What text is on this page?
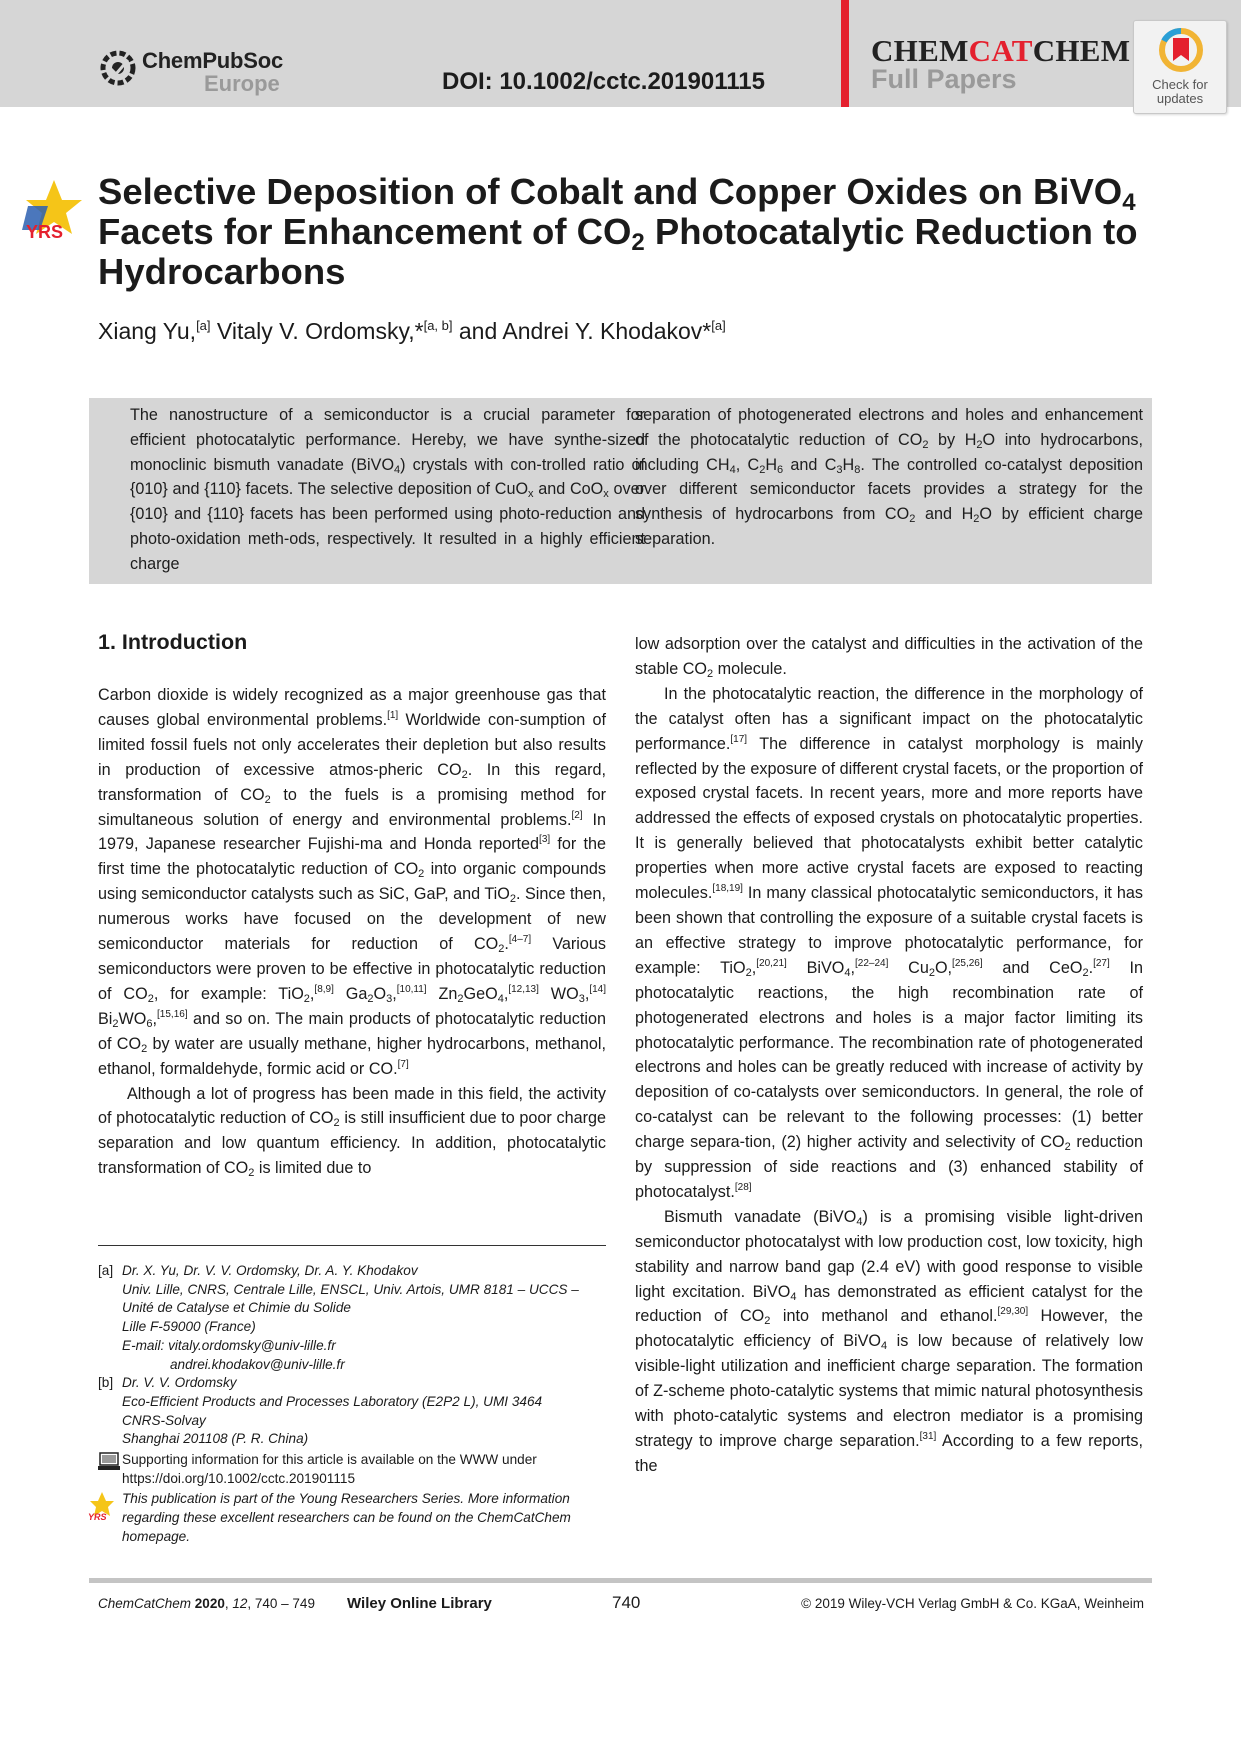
ChemPubSoc
Europe	DOI: 10.1002/cctc.201901115
CHEMCATCHEM
Full Papers	Check for
updates
YRS
Selective Deposition of Cobalt and Copper Oxides on BiVO$_4$
Facets for Enhancement of $CO_2$ Photocatalytic Reduction to
Hydrocarbons
Xiang Yu,[a] Vitaly V. Ordomsky,*[a, b] and Andrei Y. Khodakov*[a]
The nanostructure of a semiconductor is a crucial parameter for efficient photocatalytic performance. Hereby, we have synthe-sized monoclinic bismuth vanadate (BiVO$_4$) crystals with con-trolled ratio of {010} and {110} facets. The selective deposition of CuO$_x$ and CoO$_x$ over {010} and {110} facets has been performed using photo-reduction and photo-oxidation meth-ods, respectively. It resulted in a highly efficient charge
separation of photogenerated electrons and holes and enhancement of the photocatalytic reduction of $CO_2$ by $H_2O$ into hydrocarbons, including $CH_4$, $C_2H_6$ and $C_3H_8$. The controlled co-catalyst deposition over different semiconductor facets provides a strategy for the synthesis of hydrocarbons from $CO_2$ and $H_2O$ by efficient charge separation.
1. Introduction

Carbon dioxide is widely recognized as a major greenhouse gas that causes global environmental problems.[1] Worldwide con-sumption of limited fossil fuels not only accelerates their depletion but also results in production of excessive atmos-pheric $CO_2$. In this regard, transformation of $CO_2$ to the fuels is a promising method for simultaneous solution of energy and environmental problems.[2] In 1979, Japanese researcher Fujishi-ma and Honda reported[3] for the first time the photocatalytic reduction of $CO_2$ into organic compounds using semiconductor catalysts such as SiC, GaP, and TiO$_2$. Since then, numerous works have focused on the development of new semiconductor materials for reduction of $CO_2.[4-7]$ Various semiconductors were proven to be effective in photocatalytic reduction of $CO_2$, for example: TiO$_2$,[8,9] $Ga_2O_3,[10,11]$ $Zn_2GeO_4,[12,13]$ $WO_3,[14]$ $Bi_2WO_6,[15,16]$ and so on. The main products of photocatalytic reduction of $CO_2$ by water are usually methane, higher hydrocarbons, methanol, ethanol, formaldehyde, formic acid or CO.[7]

Although a lot of progress has been made in this field, the activity of photocatalytic reduction of $CO_2$ is still insufficient due to poor charge separation and low quantum efficiency. In addition, photocatalytic transformation of $CO_2$ is limited due to

[a] Dr. X. Yu, Dr. V. V. Ordomsky, Dr. A. Y. Khodakov
Univ. Lille, CNRS, Centrale Lille, ENSCL, Univ. Artois, UMR 8181 – UCCS – Unité de Catalyse et Chimie du Solide
Lille F-59000 (France)
E-mail: vitaly.ordomsky@univ-lille.fr
andrei.khodakov@univ-lille.fr
[b] Dr. V. V. Ordomsky
Eco-Efficient Products and Processes Laboratory (E2P2 L), UMI 3464
CNRS-Solvay
Shanghai 201108 (P. R. China)
Supporting information for this article is available on the WWW under https://doi.org/10.1002/cctc.201901115
YRS
This publication is part of the Young Researchers Series. More information regarding these excellent researchers can be found on the ChemCatChem homepage.

low adsorption over the catalyst and difficulties in the activation of the stable $CO_2$ molecule.

In the photocatalytic reaction, the difference in the morphology of the catalyst often has a significant impact on the photocatalytic performance.[17] The difference in catalyst morphology is mainly reflected by the exposure of different crystal facets, or the proportion of exposed crystal facets. In recent years, more and more reports have addressed the effects of exposed crystals on photocatalytic properties. It is generally believed that photocatalysts exhibit better catalytic properties when more active crystal facets are exposed to reacting molecules.[18,19] In many classical photocatalytic semiconductors, it has been shown that controlling the exposure of a suitable crystal facets is an effective strategy to improve photocatalytic performance, for example: TiO$_2$,[20,21] BiVO$_4$,[22–24] $Cu_2O,[25,26]$ and CeO$_2$.[27] In photocatalytic reactions, the high recombination rate of photogenerated electrons and holes is a major factor limiting its photocatalytic performance. The recombination rate of photogenerated electrons and holes can be greatly reduced with increase of activity by deposition of co-catalysts over semiconductors. In general, the role of co-catalyst can be relevant to the following processes: (1) better charge separa-tion, (2) higher activity and selectivity of $CO_2$ reduction by suppression of side reactions and (3) enhanced stability of photocatalyst.[28]

Bismuth vanadate (BiVO$_4$) is a promising visible light-driven semiconductor photocatalyst with low production cost, low toxicity, high stability and narrow band gap (2.4 eV) with good response to visible light excitation. BiVO$_4$ has demonstrated as efficient catalyst for the reduction of $CO_2$ into methanol and ethanol.[29,30] However, the photocatalytic efficiency of BiVO$_4$ is low because of relatively low visible-light utilization and inefficient charge separation. The formation of Z-scheme photo-catalytic systems that mimic natural photosynthesis with photo-catalytic systems and electron mediator is a promising strategy to improve charge separation.[31] According to a few reports, the

ChemCatChem 2020, 12, 740 – 749 Wiley Online Library	740	© 2019 Wiley-VCH Verlag GmbH & Co. KGaA, Weinheim
